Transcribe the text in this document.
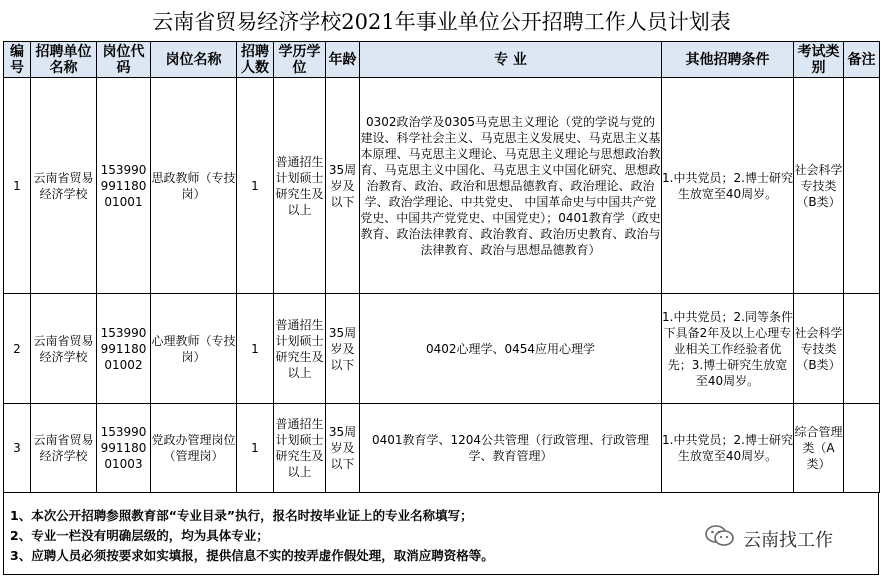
云南省贸易经济学校2021年事业单位公开招聘工作人员计划表
编号	招聘单位名称	岗位代码	岗位名称	招聘人数	学历学位	年龄	专 业	其他招聘条件	考试类别	备注
1	云南省贸易经济学校	15399099118001001	思政教师（专技岗）	1	普通招生计划硕士研究生及以上	35周岁及以下	0302政治学及0305马克思主义理论（党的学说与党的建设、科学社会主义、马克思主义发展史、马克思主义基本原理、马克思主义理论、马克思主义理论与思想政治教育、马克思主义中国化、马克思主义中国化研究、思想政治教育、政治、政治和思想品德教育、政治理论、政治学、政治学理论、中共党史、 中国革命史与中国共产党党史、中国共产党党史、中国党史）；0401教育学（政史教育、政治法律教育、政治教育、政治历史教育、政治与法律教育、政治与思想品德教育）	1.中共党员；2.博士研究生放宽至40周岁。	社会科学专技类（B类）	
2	云南省贸易经济学校	15399099118001002	心理教师（专技岗）	1	普通招生计划硕士研究生及以上	35周岁及以下	0402心理学、0454应用心理学	1.中共党员；2.同等条件下具备2年及以上心理专业相关工作经验者优先；3.博士研究生放宽至40周岁。	社会科学专技类（B类）	
3	云南省贸易经济学校	15399099118001003	党政办管理岗位（管理岗）	1	普通招生计划硕士研究生及以上	35周岁及以下	0401教育学、1204公共管理（行政管理、行政管理学、教育管理）	1.中共党员；2.博士研究生放宽至40周岁。	综合管理类（A类）	
1、本次公开招聘参照教育部“专业目录”执行，报名时按毕业证上的专业名称填写；
2、专业一栏没有明确层级的，均为具体专业；
3、应聘人员必须按要求如实填报，提供信息不实的按弄虚作假处理，取消应聘资格等。
云南找工作
